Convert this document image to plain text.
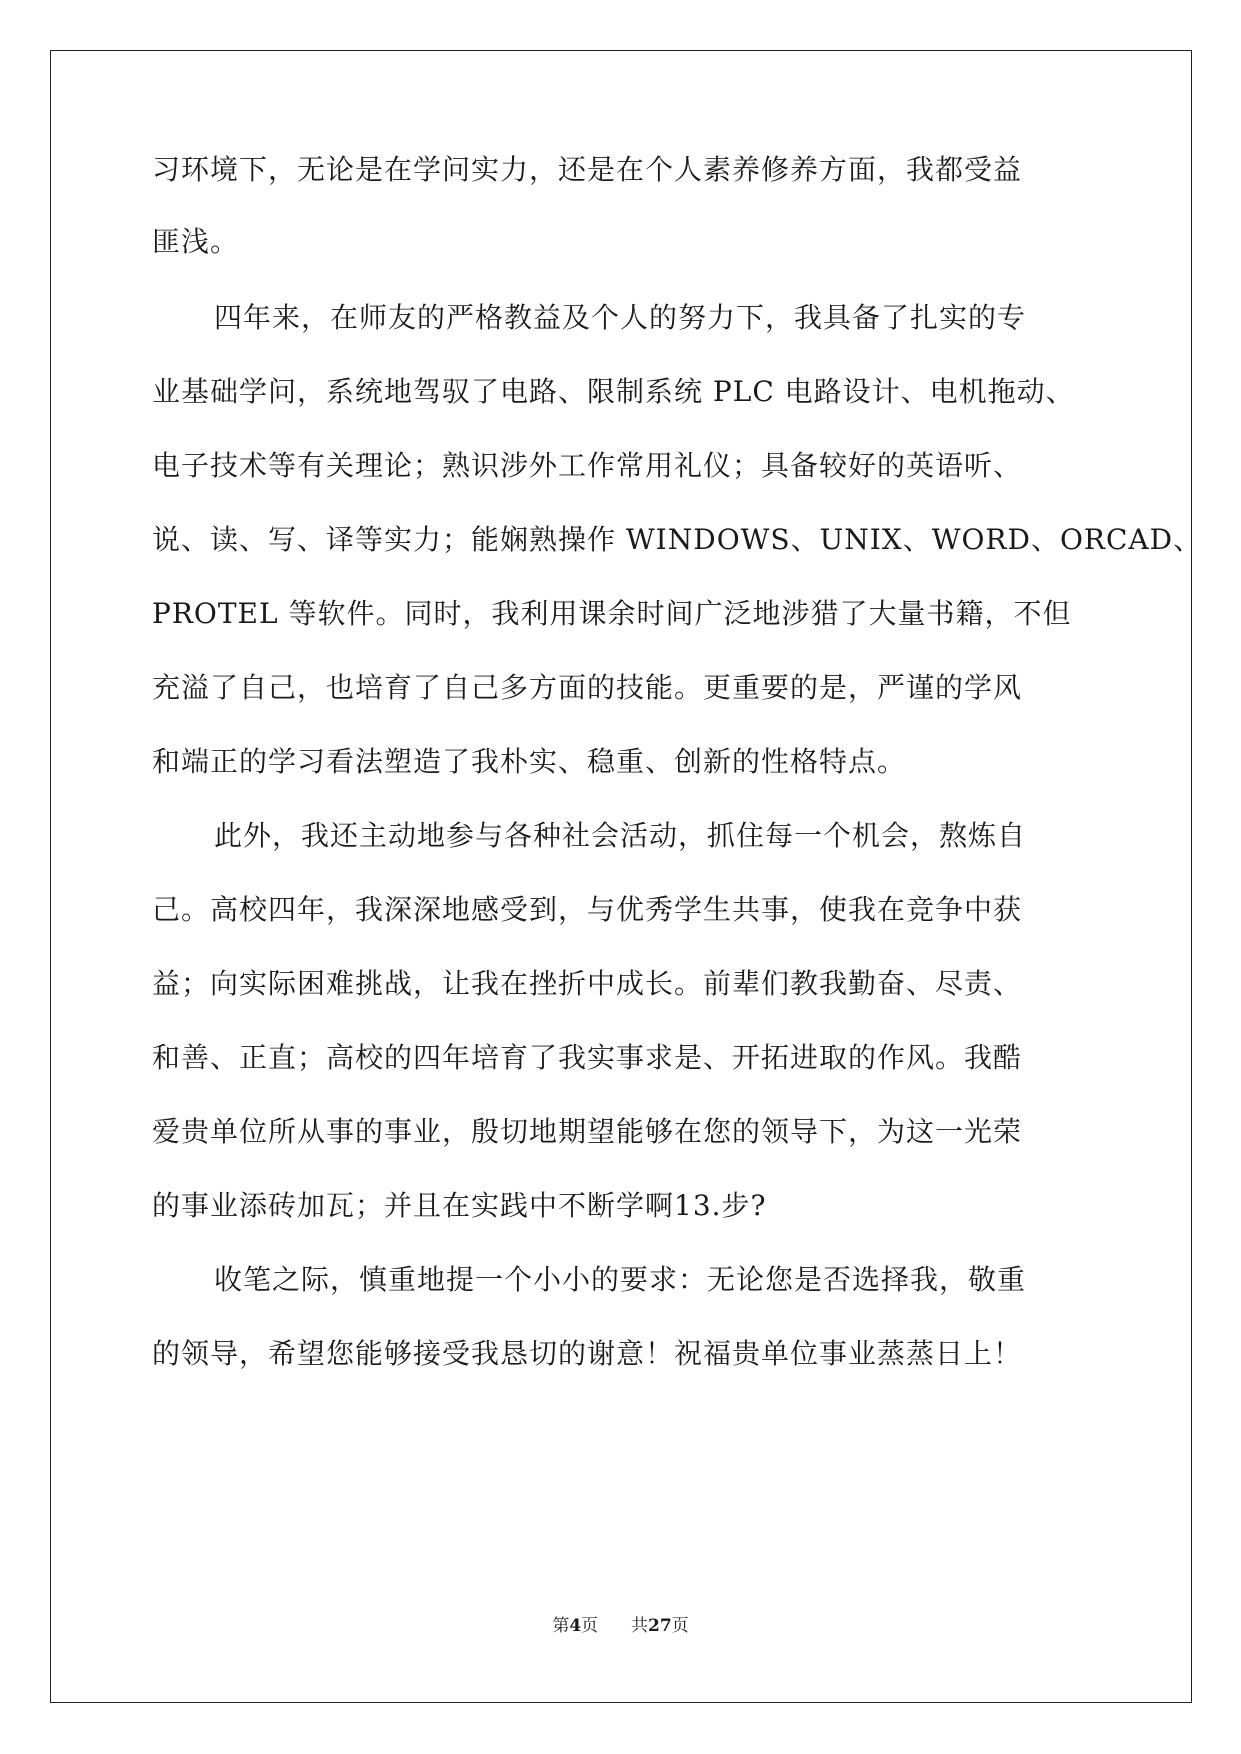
习环境下，无论是在学问实力，还是在个人素养修养方面，我都受益
匪浅。
四年来，在师友的严格教益及个人的努力下，我具备了扎实的专
业基础学问，系统地驾驭了电路、限制系统 PLC 电路设计、电机拖动、
电子技术等有关理论；熟识涉外工作常用礼仪；具备较好的英语听、
说、读、写、译等实力；能娴熟操作 WINDOWS、UNIX、WORD、ORCAD、
PROTEL 等软件。同时，我利用课余时间广泛地涉猎了大量书籍，不但
充溢了自己，也培育了自己多方面的技能。更重要的是，严谨的学风
和端正的学习看法塑造了我朴实、稳重、创新的性格特点。
此外，我还主动地参与各种社会活动，抓住每一个机会，熬炼自
己。高校四年，我深深地感受到，与优秀学生共事，使我在竞争中获
益；向实际困难挑战，让我在挫折中成长。前辈们教我勤奋、尽责、
和善、正直；高校的四年培育了我实事求是、开拓进取的作风。我酷
爱贵单位所从事的事业，殷切地期望能够在您的领导下，为这一光荣
的事业添砖加瓦；并且在实践中不断学啊13.步?
收笔之际，慎重地提一个小小的要求：无论您是否选择我，敬重
的领导，希望您能够接受我恳切的谢意！祝福贵单位事业蒸蒸日上！
第4页 共27页
